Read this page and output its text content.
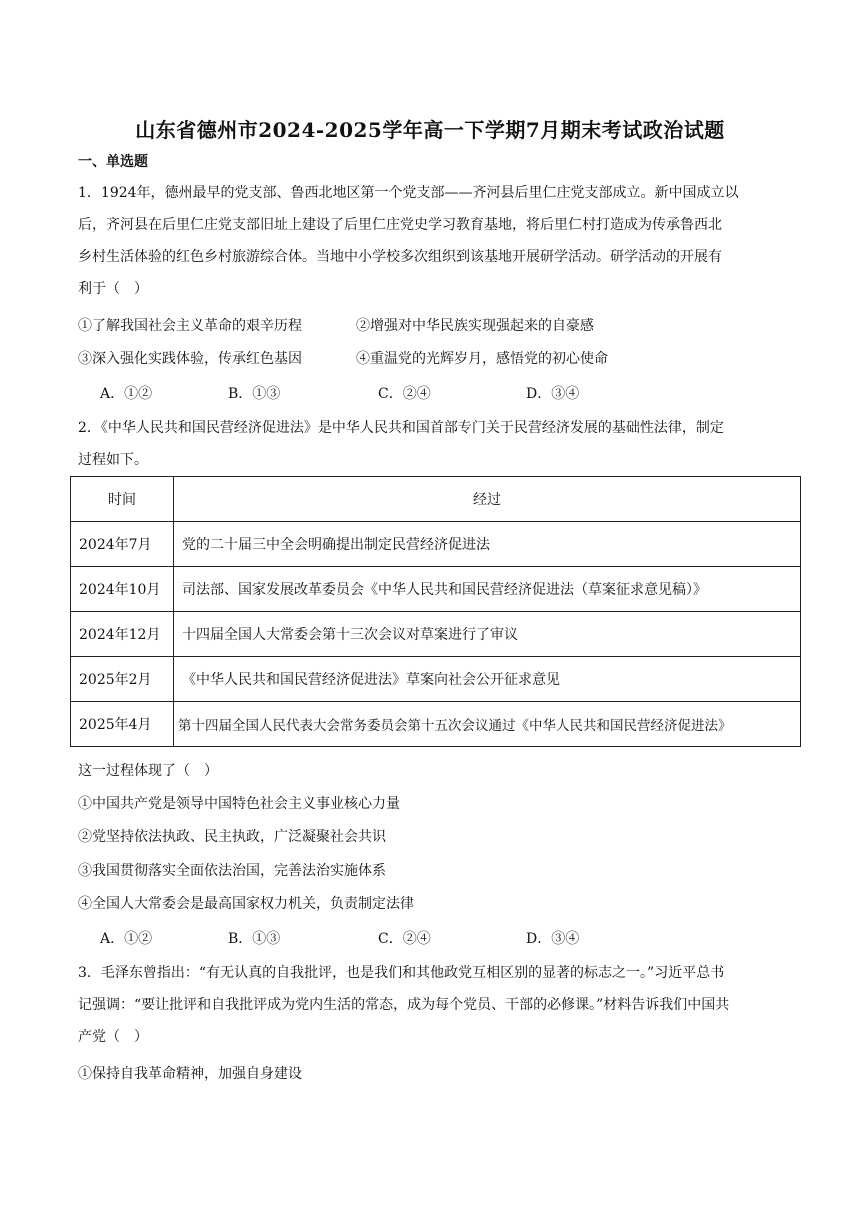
山东省德州市2024-2025学年高一下学期7月期末考试政治试题
一、单选题
1．1924年，德州最早的党支部、鲁西北地区第一个党支部——齐河县后里仁庄党支部成立。新中国成立以
后，齐河县在后里仁庄党支部旧址上建设了后里仁庄党史学习教育基地，将后里仁村打造成为传承鲁西北
乡村生活体验的红色乡村旅游综合体。当地中小学校多次组织到该基地开展研学活动。研学活动的开展有
利于（　）
①了解我国社会主义革命的艰辛历程	②增强对中华民族实现强起来的自豪感
③深入强化实践体验，传承红色基因	④重温党的光辉岁月，感悟党的初心使命
A．①②	B．①③	C．②④	D．③④
2．《中华人民共和国民营经济促进法》是中华人民共和国首部专门关于民营经济发展的基础性法律，制定
过程如下。
时间	经过
2024年7月	党的二十届三中全会明确提出制定民营经济促进法
2024年10月	司法部、国家发展改革委员会《中华人民共和国民营经济促进法（草案征求意见稿）》
2024年12月	十四届全国人大常委会第十三次会议对草案进行了审议
2025年2月	《中华人民共和国民营经济促进法》草案向社会公开征求意见
2025年4月	第十四届全国人民代表大会常务委员会第十五次会议通过《中华人民共和国民营经济促进法》
这一过程体现了（　）
①中国共产党是领导中国特色社会主义事业核心力量
②党坚持依法执政、民主执政，广泛凝聚社会共识
③我国贯彻落实全面依法治国，完善法治实施体系
④全国人大常委会是最高国家权力机关，负责制定法律
A．①②	B．①③	C．②④	D．③④
3．毛泽东曾指出：“有无认真的自我批评，也是我们和其他政党互相区别的显著的标志之一。”习近平总书
记强调：“要让批评和自我批评成为党内生活的常态，成为每个党员、干部的必修课。”材料告诉我们中国共
产党（　）
①保持自我革命精神，加强自身建设
